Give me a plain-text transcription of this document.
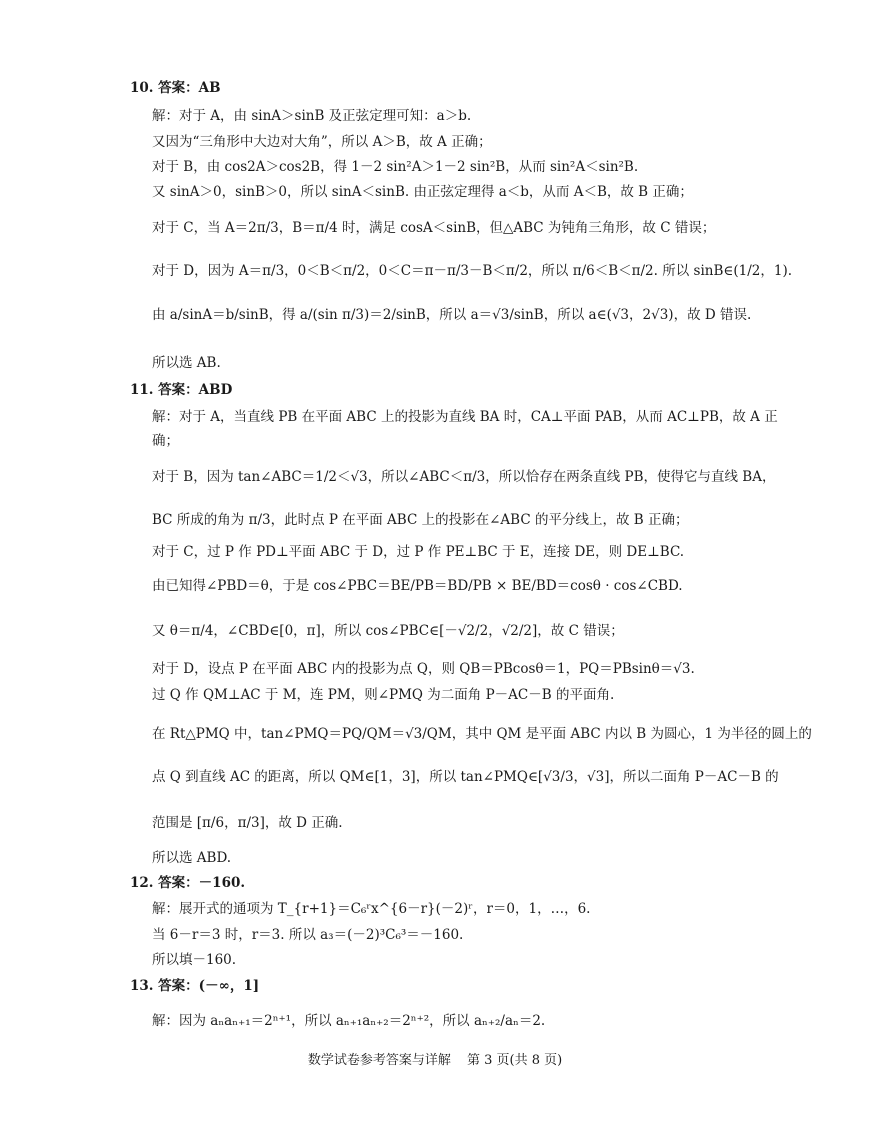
10. 答案：AB
解：对于 A，由 sinA＞sinB 及正弦定理可知：a＞b.
又因为“三角形中大边对大角”，所以 A＞B，故 A 正确；
对于 B，由 cos2A＞cos2B，得 1－2 sin²A＞1－2 sin²B，从而 sin²A＜sin²B.
又 sinA＞0，sinB＞0，所以 sinA＜sinB. 由正弦定理得 a＜b，从而 A＜B，故 B 正确；
对于 C，当 A＝2π/3，B＝π/4 时，满足 cosA＜sinB，但△ABC 为钝角三角形，故 C 错误；
对于 D，因为 A＝π/3，0＜B＜π/2，0＜C＝π－π/3－B＜π/2，所以 π/6＜B＜π/2. 所以 sinB∈(1/2，1).
由 a/sinA＝b/sinB，得 a/(sin π/3)＝2/sinB，所以 a＝√3/sinB，所以 a∈(√3，2√3)，故 D 错误.
所以选 AB.
11. 答案：ABD
解：对于 A，当直线 PB 在平面 ABC 上的投影为直线 BA 时，CA⊥平面 PAB，从而 AC⊥PB，故 A 正
确；
对于 B，因为 tan∠ABC＝1/2＜√3，所以∠ABC＜π/3，所以恰存在两条直线 PB，使得它与直线 BA，
BC 所成的角为 π/3，此时点 P 在平面 ABC 上的投影在∠ABC 的平分线上，故 B 正确；
对于 C，过 P 作 PD⊥平面 ABC 于 D，过 P 作 PE⊥BC 于 E，连接 DE，则 DE⊥BC.
由已知得∠PBD＝θ，于是 cos∠PBC＝BE/PB＝BD/PB × BE/BD＝cosθ · cos∠CBD.
又 θ＝π/4，∠CBD∈[0，π]，所以 cos∠PBC∈[－√2/2，√2/2]，故 C 错误；
对于 D，设点 P 在平面 ABC 内的投影为点 Q，则 QB＝PBcosθ＝1，PQ＝PBsinθ＝√3.
过 Q 作 QM⊥AC 于 M，连 PM，则∠PMQ 为二面角 P－AC－B 的平面角.
在 Rt△PMQ 中，tan∠PMQ＝PQ/QM＝√3/QM，其中 QM 是平面 ABC 内以 B 为圆心，1 为半径的圆上的
点 Q 到直线 AC 的距离，所以 QM∈[1，3]，所以 tan∠PMQ∈[√3/3，√3]，所以二面角 P－AC－B 的
范围是 [π/6，π/3]，故 D 正确.
所以选 ABD.
12. 答案：－160.
解：展开式的通项为 T_{r+1}＝C₆ʳx^{6－r}(－2)ʳ，r＝0，1，…，6.
当 6－r＝3 时，r＝3. 所以 a₃＝(－2)³C₆³＝－160.
所以填－160.
13. 答案：(－∞，1]
解：因为 aₙaₙ₊₁＝2ⁿ⁺¹，所以 aₙ₊₁aₙ₊₂＝2ⁿ⁺²，所以 aₙ₊₂/aₙ＝2.
数学试卷参考答案与详解 第 3 页(共 8 页)
